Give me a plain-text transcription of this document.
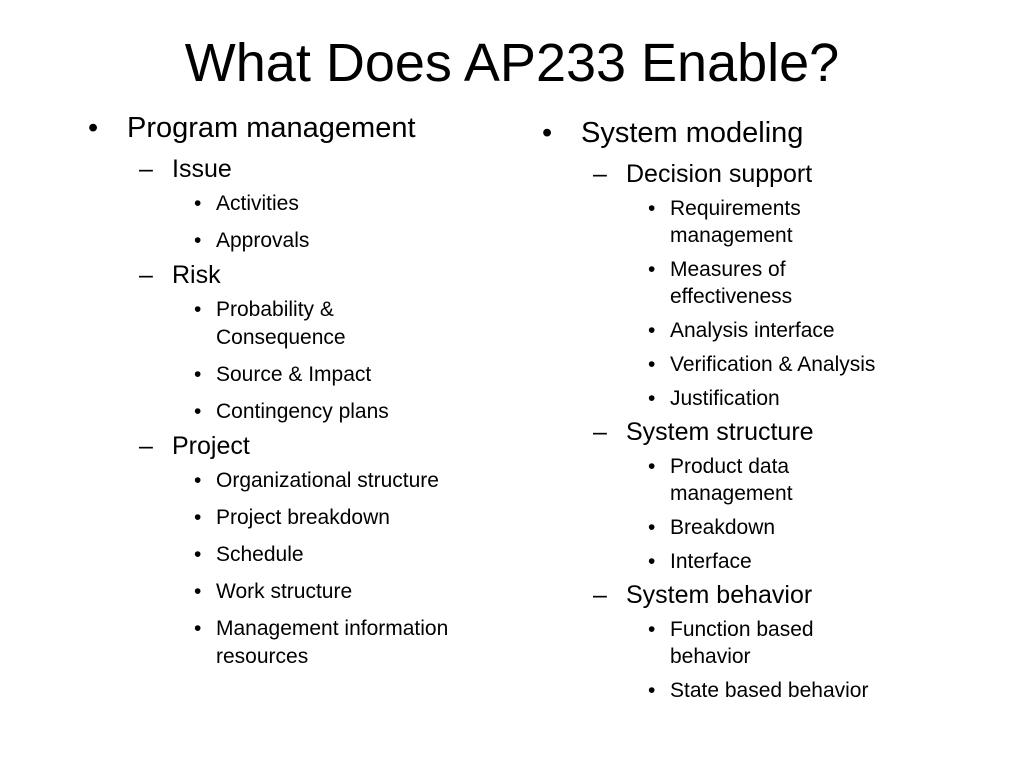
What Does AP233 Enable?
• Program management
– Issue
• Activities
• Approvals
– Risk
• Probability & Consequence
• Source & Impact
• Contingency plans
– Project
• Organizational structure
• Project breakdown
• Schedule
• Work structure
• Management information resources
• System modeling
– Decision support
• Requirements management
• Measures of effectiveness
• Analysis interface
• Verification & Analysis
• Justification
– System structure
• Product data management
• Breakdown
• Interface
– System behavior
• Function based behavior
• State based behavior
